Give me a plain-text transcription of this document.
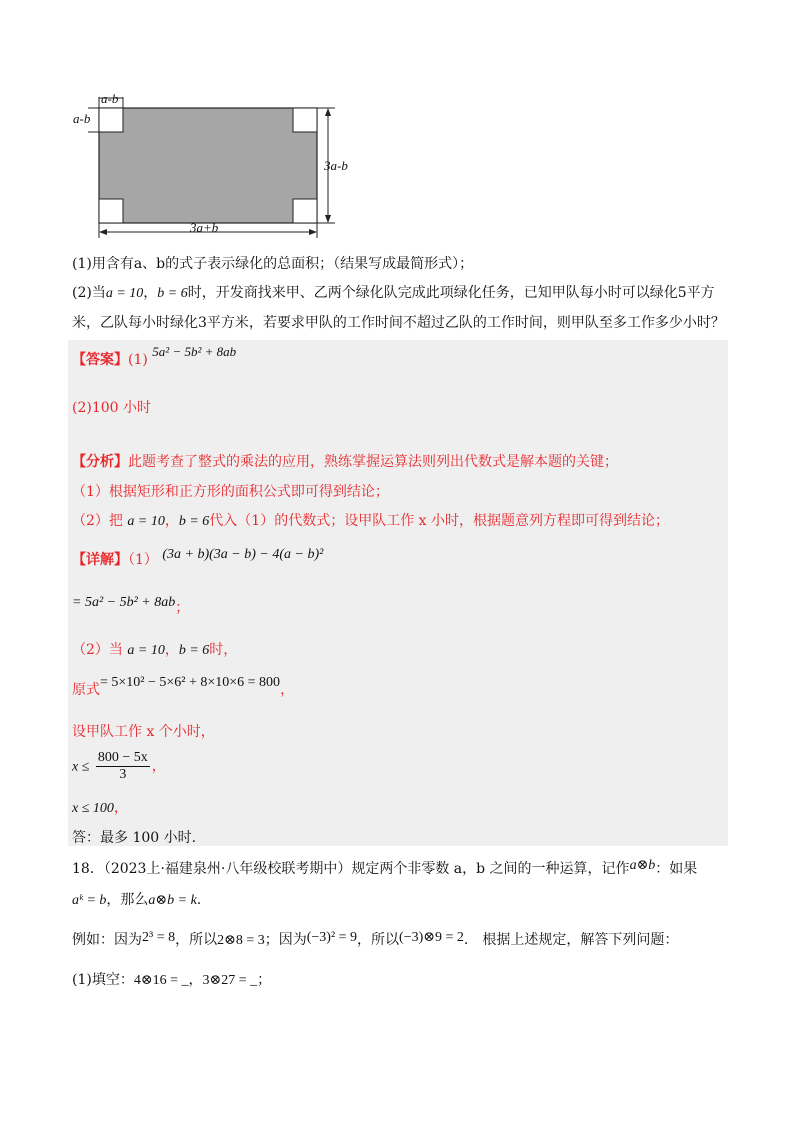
a-b
a-b
3a-b
3a+b
(1)用含有a、b的式子表示绿化的总面积；（结果写成最简形式）；
(2)当a = 10，b = 6时，开发商找来甲、乙两个绿化队完成此项绿化任务，已知甲队每小时可以绿化5平方
米，乙队每小时绿化3平方米，若要求甲队的工作时间不超过乙队的工作时间，则甲队至多工作多少小时？
【答案】(1) 5a² − 5b² + 8ab
(2)100 小时
【分析】此题考查了整式的乘法的应用，熟练掌握运算法则列出代数式是解本题的关键；
（1）根据矩形和正方形的面积公式即可得到结论；
（2）把 a = 10，b = 6代入（1）的代数式；设甲队工作 x 小时，根据题意列方程即可得到结论；
【详解】（1） (3a + b)(3a − b) − 4(a − b)²
= 5a² − 5b² + 8ab；
（2）当 a = 10，b = 6时，
原式= 5×10² − 5×6² + 8×10×6 = 800，
设甲队工作 x 个小时，
$x \le \frac{800 - 5x}{3}$ ，
x ≤ 100，
答：最多 100 小时.
18．（2023上·福建泉州·八年级校联考期中）规定两个非零数 a，b 之间的一种运算，记作a⊗b：如果
aᵏ = b，那么a⊗b = k.
例如：因为2³ = 8，所以2⊗8 = 3；因为(−3)² = 9，所以(−3)⊗9 = 2.　根据上述规定，解答下列问题：
(1)填空：4⊗16 = _，3⊗27 = _；
